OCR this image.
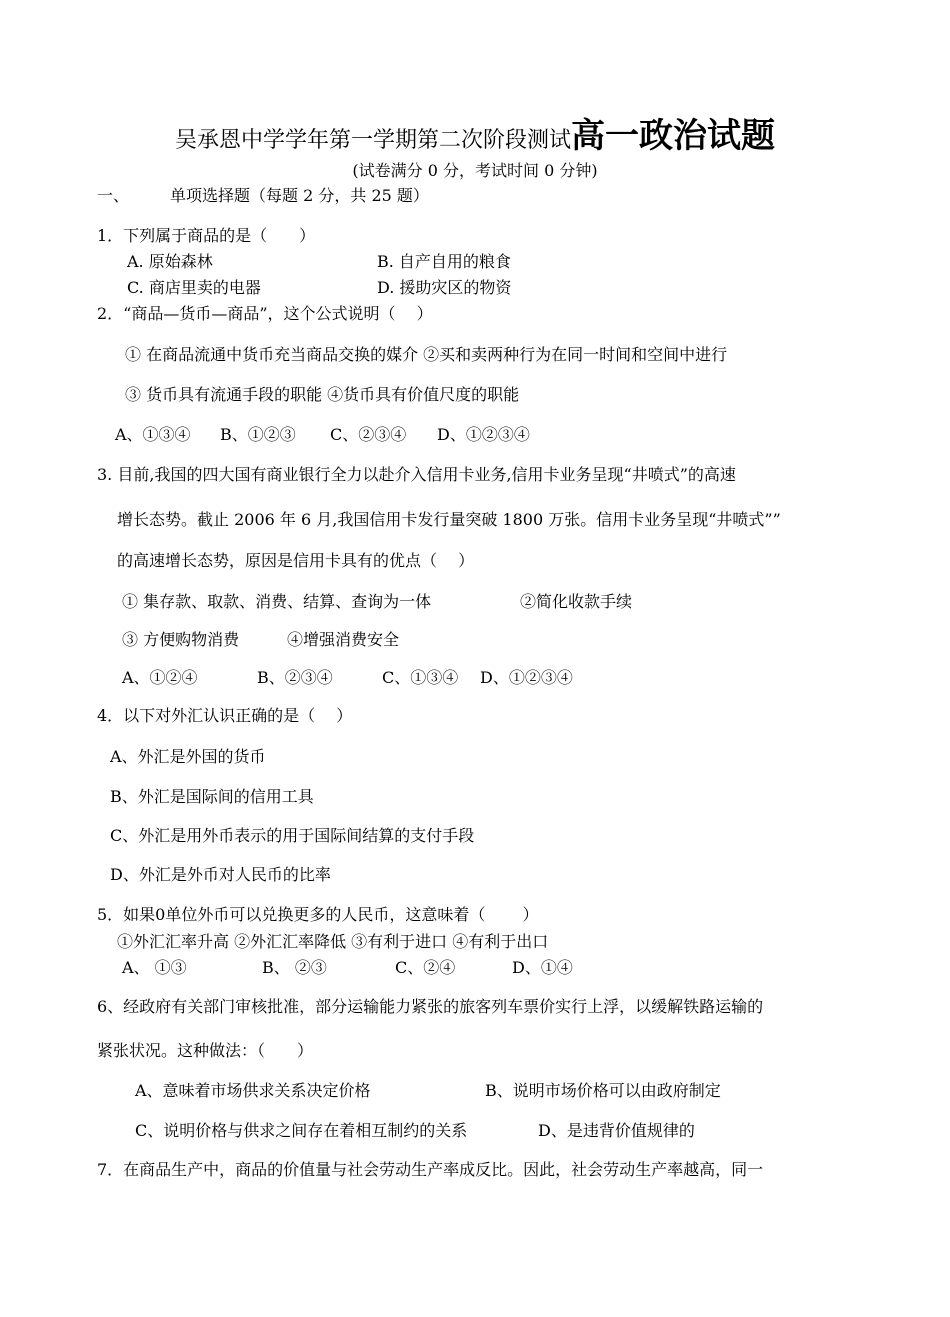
吴承恩中学学年第一学期第二次阶段测试高一政治试题
(试卷满分 0 分，考试时间 0 分钟)
一、	单项选择题（每题 2 分，共 25 题）
1．下列属于商品的是（　　）
A. 原始森林	B. 自产自用的粮食
C. 商店里卖的电器	D. 援助灾区的物资
2．“商品—货币—商品”，这个公式说明（　 ）
① 在商品流通中货币充当商品交换的媒介 ②买和卖两种行为在同一时间和空间中进行
③ 货币具有流通手段的职能 ④货币具有价值尺度的职能
A、①③④ B、①②③ C、②③④ D、①②③④
3. 目前,我国的四大国有商业银行全力以赴介入信用卡业务,信用卡业务呈现“井喷式”的高速
增长态势。截止 2006 年 6 月,我国信用卡发行量突破 1800 万张。信用卡业务呈现“井喷式””
的高速增长态势，原因是信用卡具有的优点（　 ）
① 集存款、取款、消费、结算、查询为一体	②简化收款手续
③ 方便购物消费	④增强消费安全
A、①②④	B、②③④	C、①③④ D、①②③④
4．以下对外汇认识正确的是（　 ）
A、外汇是外国的货币
B、外汇是国际间的信用工具
C、外汇是用外币表示的用于国际间结算的支付手段
D、外汇是外币对人民币的比率
5．如果0单位外币可以兑换更多的人民币，这意味着（　　 ）
①外汇汇率升高 ②外汇汇率降低 ③有利于进口 ④有利于出口
A、 ①③	B、 ②③	C、②④	D、①④
6、经政府有关部门审核批准，部分运输能力紧张的旅客列车票价实行上浮，以缓解铁路运输的
紧张状况。这种做法：（　　）
A、意味着市场供求关系决定价格	B、说明市场价格可以由政府制定
C、说明价格与供求之间存在着相互制约的关系	D、是违背价值规律的
7．在商品生产中，商品的价值量与社会劳动生产率成反比。因此，社会劳动生产率越高，同一
